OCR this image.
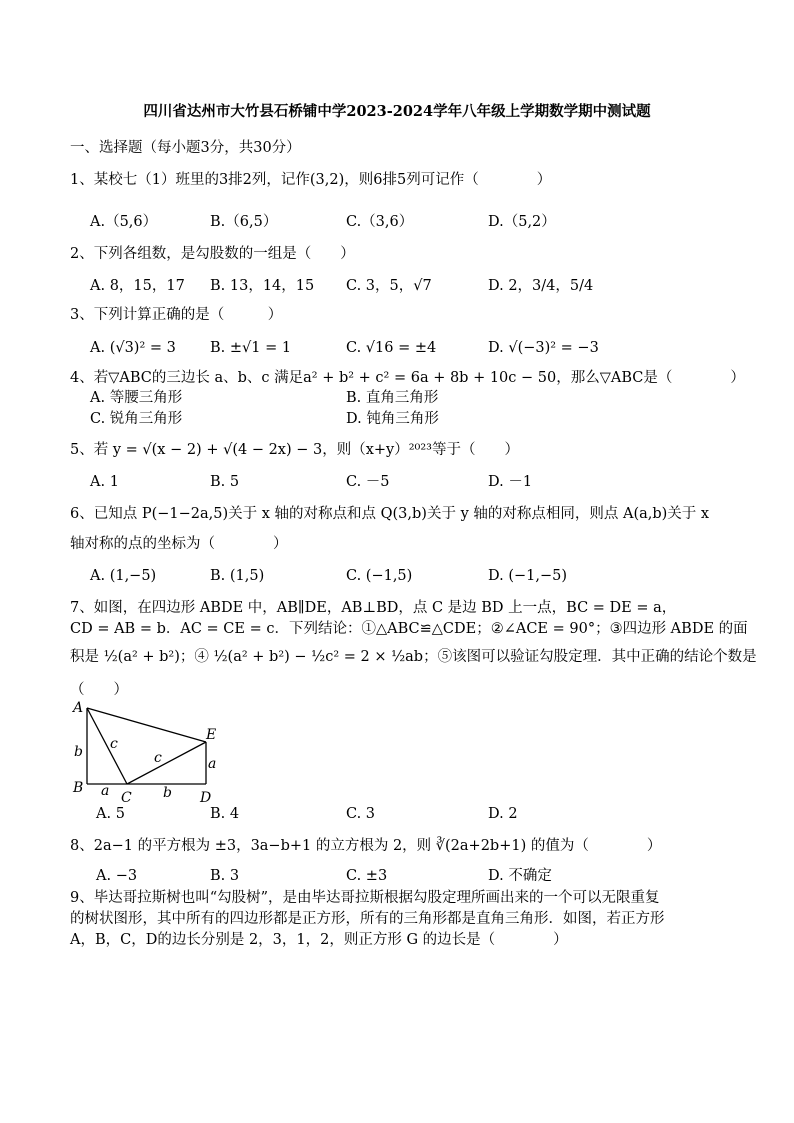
四川省达州市大竹县石桥铺中学2023-2024学年八年级上学期数学期中测试题
一、选择题（每小题3分，共30分）
1、某校七（1）班里的3排2列，记作(3,2)，则6排5列可记作（　　　　）
A.（5,6）	B.（6,5）	C.（3,6）	D.（5,2）
2、下列各组数，是勾股数的一组是（　　）
A. 8，15，17 B. 13，14，15 C. 3，5，√7	D. 2，3/4，5/4
3、下列计算正确的是（　　　）
A. (√3)² = 3 B. ±√1 = 1	C. √16 = ±4	D. √(−3)² = −3
4、若▽ABC的三边长 a、b、c 满足a² + b² + c² = 6a + 8b + 10c − 50，那么▽ABC是（　　　　）
A. 等腰三角形	B. 直角三角形
C. 锐角三角形	D. 钝角三角形
5、若 y = √(x − 2) + √(4 − 2x) − 3，则（x+y）²⁰²³等于（　　）
A. 1	B. 5	C. －5	D. －1
6、已知点 P(−1−2a,5)关于 x 轴的对称点和点 Q(3,b)关于 y 轴的对称点相同，则点 A(a,b)关于 x
轴对称的点的坐标为（　　　　）
A. (1,−5)	B. (1,5)	C. (−1,5)	D. (−1,−5)
7、如图，在四边形 ABDE 中，AB∥DE，AB⊥BD，点 C 是边 BD 上一点，BC = DE = a，
CD = AB = b．AC = CE = c．下列结论：①△ABC≌△CDE；②∠ACE = 90°；③四边形 ABDE 的面
积是 ½(a² + b²)；④ ½(a² + b²) − ½c² = 2 × ½ab；⑤该图可以验证勾股定理．其中正确的结论个数是
（　　）
A
B
C	D
E
a
b c
c
b
a
A. 5	B. 4	C. 3	D. 2
8、2a−1 的平方根为 ±3，3a−b+1 的立方根为 2，则 ∛(2a+2b+1) 的值为（　　　　）
A. −3	B. 3	C. ±3	D. 不确定
9、毕达哥拉斯树也叫“勾股树”，是由毕达哥拉斯根据勾股定理所画出来的一个可以无限重复
的树状图形，其中所有的四边形都是正方形，所有的三角形都是直角三角形．如图，若正方形
A，B，C，D的边长分别是 2，3，1，2，则正方形 G 的边长是（　　　　）
